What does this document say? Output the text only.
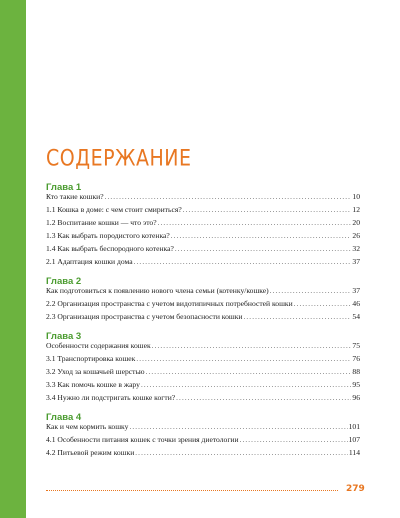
СОДЕРЖАНИЕ
Глава 1
Кто такие кошки? . . .	10
1.1 Кошка в доме: с чем стоит смириться? . . .	12
1.2 Воспитание кошки — что это? . . .	20
1.3 Как выбрать породистого котенка? . . .	26
1.4 Как выбрать беспородного котенка? . . .	32
2.1 Адаптация кошки дома . . .	37
Глава 2
Как подготовиться к появлению нового члена семьи (котенку/кошке) . . .	37
2.2 Организация пространства с учетом видотипичных потребностей кошки . . .	46
2.3 Организация пространства с учетом безопасности кошки . . .	54
Глава 3
Особенности содержания кошек . . .	75
3.1 Транспортировка кошек . . .	76
3.2 Уход за кошачьей шерстью . . .	88
3.3 Как помочь кошке в жару . . .	95
3.4 Нужно ли подстригать кошке когти? . . .	96
Глава 4
Как и чем кормить кошку . . .	101
4.1 Особенности питания кошек с точки зрения диетологии . . .	107
4.2 Питьевой режим кошки . . .	114
279
